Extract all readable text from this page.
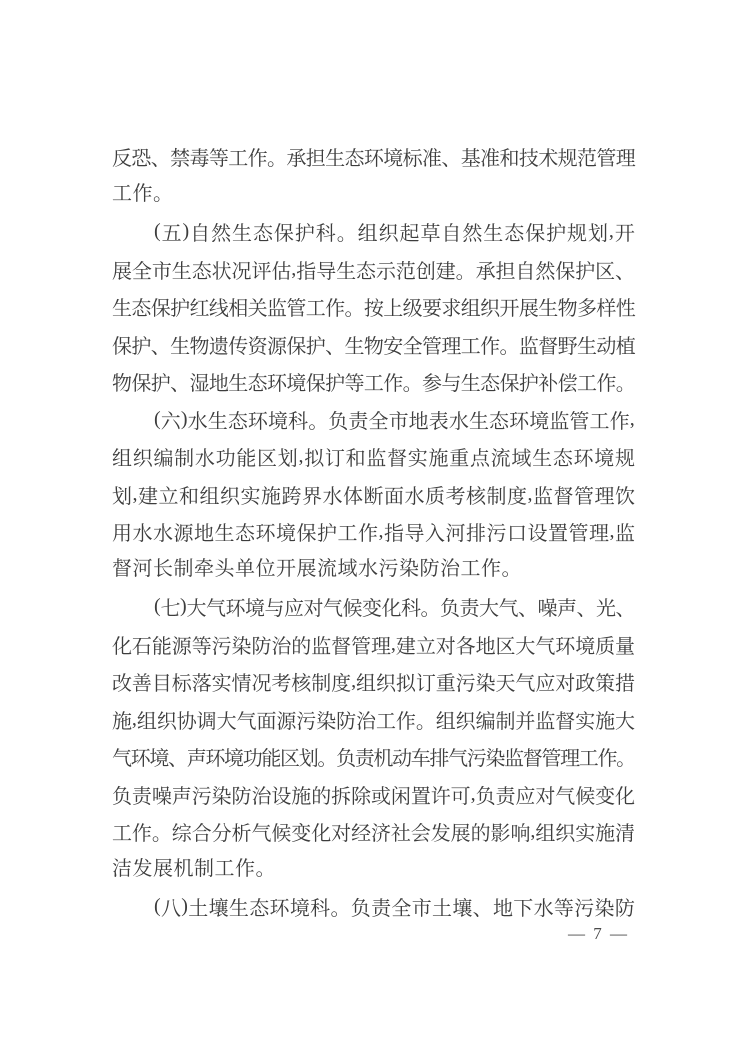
反 恐 、 禁 毒 等 工 作 。 承 担 生 态 环 境 标 准 、 基 准 和 技 术 规 范 管 理
工作。
( 五 ) 自 然 生 态 保 护 科 。 组 织 起 草 自 然 生 态 保 护 规 划 , 开
展 全 市 生 态 状 况 评 估 , 指 导 生 态 示 范 创 建 。 承 担 自 然 保 护 区 、
生 态 保 护 红 线 相 关 监 管 工 作 。 按 上 级 要 求 组 织 开 展 生 物 多 样 性
保 护 、 生 物 遗 传 资 源 保 护 、 生 物 安 全 管 理 工 作 。 监 督 野 生 动 植
物 保 护 、 湿 地 生 态 环 境 保 护 等 工 作 。 参 与 生 态 保 护 补 偿 工 作 。
( 六 ) 水 生 态 环 境 科 。 负 责 全 市 地 表 水 生 态 环 境 监 管 工 作 ,
组 织 编 制 水 功 能 区 划 , 拟 订 和 监 督 实 施 重 点 流 域 生 态 环 境 规
划 , 建 立 和 组 织 实 施 跨 界 水 体 断 面 水 质 考 核 制 度 , 监 督 管 理 饮
用 水 水 源 地 生 态 环 境 保 护 工 作 , 指 导 入 河 排 污 口 设 置 管 理 , 监
督河长制牵头单位开展流域水污染防治工作。
( 七 ) 大 气 环 境 与 应 对 气 候 变 化 科 。 负 责 大 气 、 噪 声 、 光 、
化 石 能 源 等 污 染 防 治 的 监 督 管 理 , 建 立 对 各 地 区 大 气 环 境 质 量
改 善 目 标 落 实 情 况 考 核 制 度 , 组 织 拟 订 重 污 染 天 气 应 对 政 策 措
施 , 组 织 协 调 大 气 面 源 污 染 防 治 工 作 。 组 织 编 制 并 监 督 实 施 大
气
环
境
、
声
环
境
功
能
区
划
。
负
责
机
动
车
排
气
污
染
监
督
管
理
工
作
。
负 责 噪 声 污 染 防 治 设 施 的 拆 除 或 闲 置 许 可 , 负 责 应 对 气 候 变 化
工 作 。 综 合 分 析 气 候 变 化 对 经 济 社 会 发 展 的 影 响 , 组 织 实 施 清
洁发展机制工作。
( 八 ) 土 壤 生 态 环 境 科 。 负 责 全 市 土 壤 、 地 下 水 等 污 染 防
— 7 —
